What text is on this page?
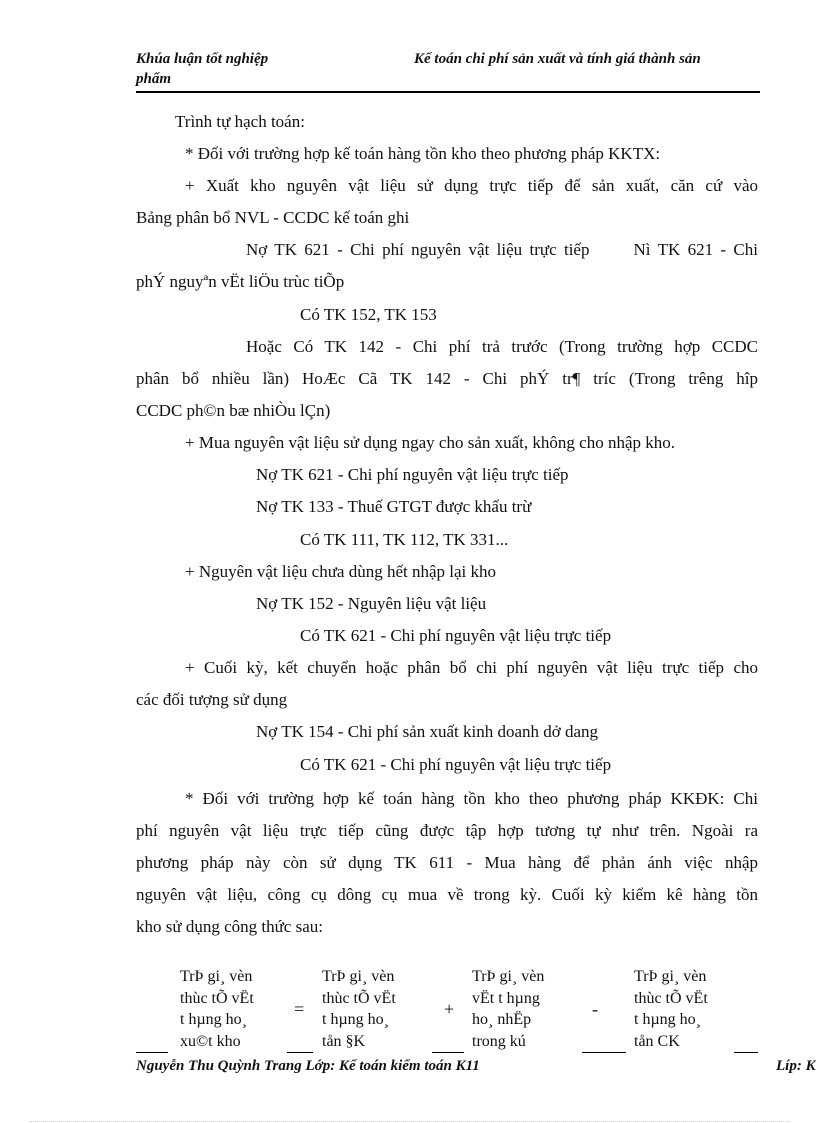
Khúa luận tốt nghiệp	Kế toán chi phí sản xuất và tính giá thành sản
phẩm
Trình tự hạch toán:
* Đối với trường hợp kế toán hàng tồn kho theo phương pháp KKTX:
+ Xuất kho nguyên vật liệu sử dụng trực tiếp để sản xuất, căn cứ vào
Bảng phân bổ NVL - CCDC kế toán ghi
Nợ TK 621 - Chi phí nguyên vật liệu trực tiếp      Nì TK 621 - Chi
phÝ nguyªn vËt liÖu trùc tiÕp
Có TK 152, TK 153
Hoặc Có TK 142 - Chi phí trả trước (Trong trường hợp CCDC
phân bổ nhiều lần) HoÆc Cã TK 142 - Chi phÝ tr¶ tríc (Trong trêng hîp
CCDC ph©n bæ nhiÒu lÇn)
+ Mua nguyên vật liệu sử dụng ngay cho sản xuất, không cho nhập kho.
Nợ TK 621 - Chi phí nguyên vật liệu trực tiếp
Nợ TK 133 - Thuế GTGT được khấu trừ
Có TK 111, TK 112, TK 331...
+ Nguyên vật liệu chưa dùng hết nhập lại kho
Nợ TK 152 - Nguyên liệu vật liệu
Có TK 621 - Chi phí nguyên vật liệu trực tiếp
+ Cuối kỳ, kết chuyển hoặc phân bổ chi phí nguyên vật liệu trực tiếp cho
các đối tượng sử dụng
Nợ TK 154 - Chi phí sản xuất kinh doanh dở dang
Có TK 621 - Chi phí nguyên vật liệu trực tiếp
* Đối với trường hợp kế toán hàng tồn kho theo phương pháp KKĐK: Chi
phí nguyên vật liệu trực tiếp cũng được tập hợp tương tự như trên. Ngoài ra
phương pháp này còn sử dụng TK 611 - Mua hàng để phản ánh việc nhập
nguyên vật liệu, công cụ dông cụ mua về trong kỳ. Cuối kỳ kiểm kê hàng tồn
kho sử dụng công thức sau:
TrÞ gi¸ vèn
thùc tÕ vËt
t hµng ho¸
xu©t kho
=
TrÞ gi¸ vèn
thùc tÕ vËt
t hµng ho¸
tån §K
+
TrÞ gi¸ vèn
vËt t hµng
ho¸ nhËp
trong kú
-
TrÞ gi¸ vèn
thùc tÕ vËt
t hµng ho¸
tån CK
Nguyễn Thu Quỳnh Trang Lớp: Kế toán kiểm toán K11	Líp: K
